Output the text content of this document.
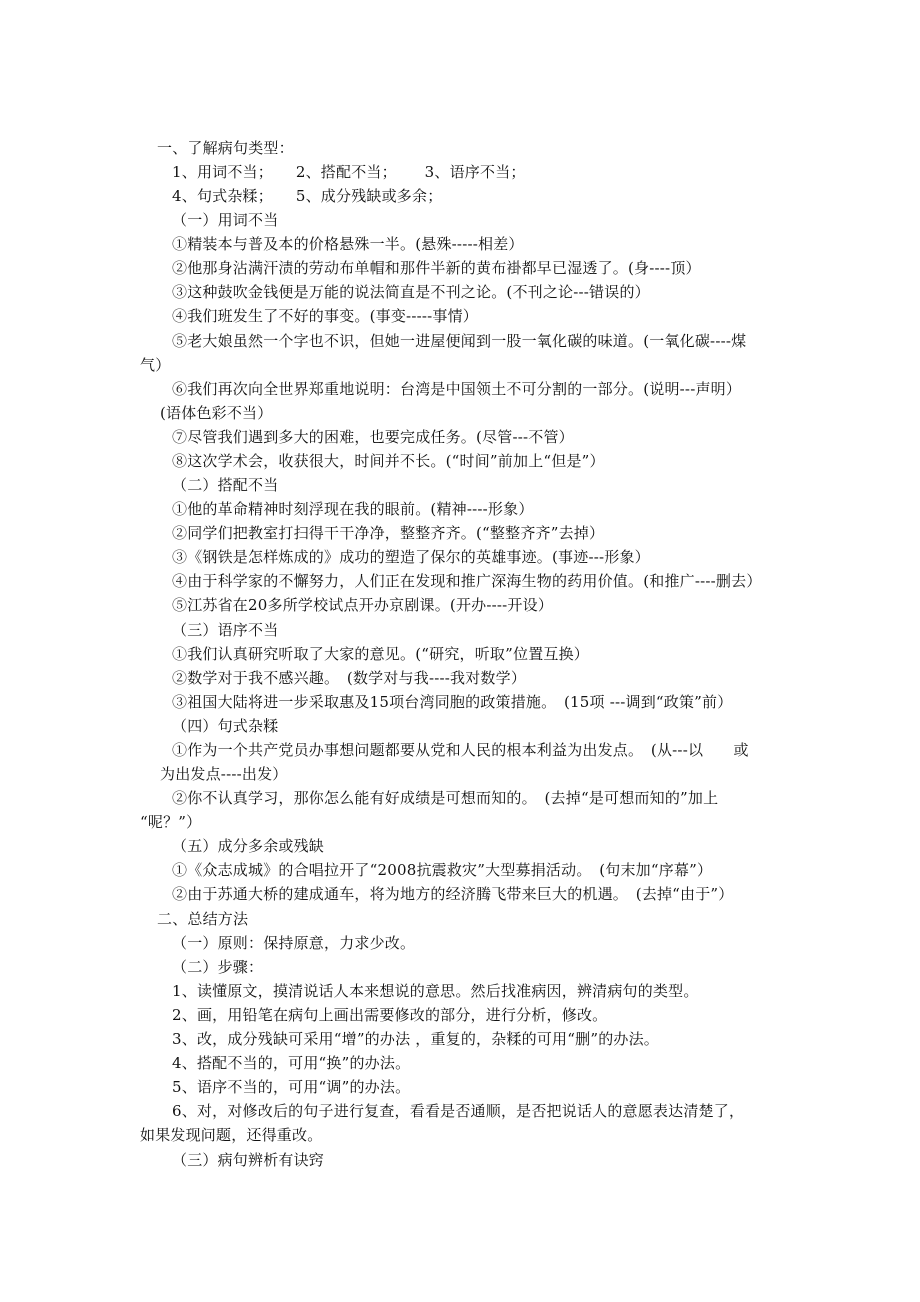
一、了解病句类型：
1、用词不当；　　2、搭配不当；　　 3、语序不当；
4、句式杂糅；　　5、成分残缺或多余；
（一）用词不当
①精装本与普及本的价格悬殊一半。(悬殊-----相差）
②他那身沾满汗渍的劳动布单帽和那件半新的黄布褂都早已湿透了。(身----顶）
③这种鼓吹金钱便是万能的说法简直是不刊之论。(不刊之论---错误的）
④我们班发生了不好的事变。(事变-----事情）
⑤老大娘虽然一个字也不识，但她一进屋便闻到一股一氧化碳的味道。(一氧化碳----煤
气）
⑥我们再次向全世界郑重地说明：台湾是中国领土不可分割的一部分。(说明---声明）
(语体色彩不当）
⑦尽管我们遇到多大的困难，也要完成任务。(尽管---不管）
⑧这次学术会，收获很大，时间并不长。(“时间”前加上“但是”）
（二）搭配不当
①他的革命精神时刻浮现在我的眼前。(精神----形象）
②同学们把教室打扫得干干净净，整整齐齐。(“整整齐齐”去掉）
③《钢铁是怎样炼成的》成功的塑造了保尔的英雄事迹。(事迹---形象）
④由于科学家的不懈努力，人们正在发现和推广深海生物的药用价值。(和推广----删去）
⑤江苏省在20多所学校试点开办京剧课。(开办----开设）
（三）语序不当
①我们认真研究听取了大家的意见。(“研究，听取”位置互换）
②数学对于我不感兴趣。　(数学对与我----我对数学）
③祖国大陆将进一步采取惠及15项台湾同胞的政策措施。　(15项 ---调到“政策”前）
（四）句式杂糅
①作为一个共产党员办事想问题都要从党和人民的根本利益为出发点。　(从---以　　或
为出发点----出发）
②你不认真学习，那你怎么能有好成绩是可想而知的。　(去掉“是可想而知的”加上
“呢？”）
（五）成分多余或残缺
①《众志成城》的合唱拉开了“2008抗震救灾”大型募捐活动。　(句末加“序幕”）
②由于苏通大桥的建成通车，将为地方的经济腾飞带来巨大的机遇。　(去掉“由于”）
二、总结方法
（一）原则：保持原意，力求少改。
（二）步骤：
1、读懂原文，摸清说话人本来想说的意思。然后找准病因，辨清病句的类型。
2、画，用铅笔在病句上画出需要修改的部分，进行分析，修改。
3、改，成分残缺可采用“增”的办法 ，重复的，杂糅的可用“删”的办法。
4、搭配不当的，可用“换”的办法。
5、语序不当的，可用“调”的办法。
6、对，对修改后的句子进行复查，看看是否通顺，是否把说话人的意愿表达清楚了，
如果发现问题，还得重改。
（三）病句辨析有诀窍
